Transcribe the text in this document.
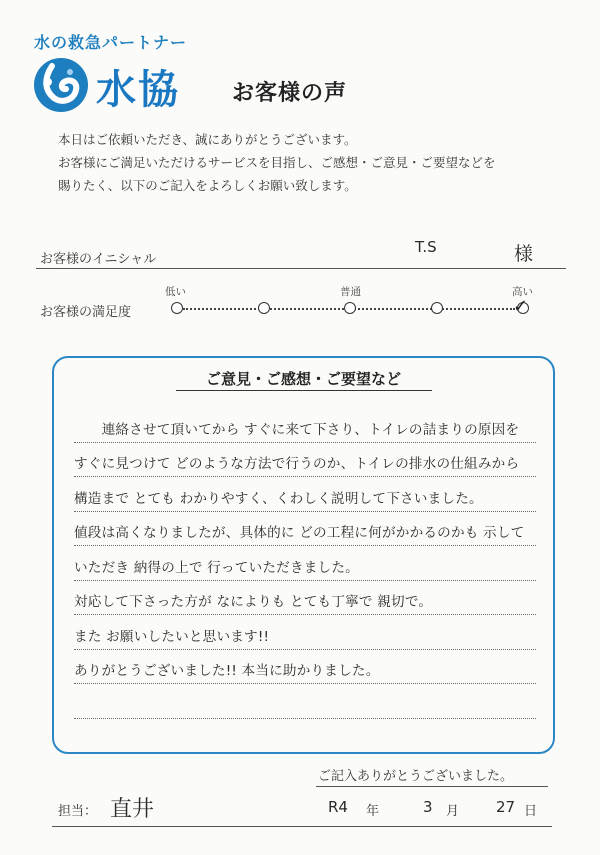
水の救急パートナー
水協 お客様の声
本日はご依頼いただき、誠にありがとうございます。
お客様にご満足いただけるサービスを目指し、ご感想・ご意見・ご要望などを
賜りたく、以下のご記入をよろしくお願い致します。
お客様のイニシャル
T.S	様
お客様の満足度
低い	普通	高い
✓
ご意見・ご感想・ご要望など
　　連絡させて頂いてから すぐに来て下さり、トイレの詰まりの原因を
すぐに見つけて どのような方法で行うのか、トイレの排水の仕組みから
構造まで とても わかりやすく、くわしく説明して下さいました。
値段は高くなりましたが、具体的に どの工程に何がかかるのかも 示して
いただき 納得の上で 行っていただきました。
対応して下さった方が なによりも とても丁寧で 親切で。
また お願いしたいと思います!!
ありがとうございました!! 本当に助かりました。
ご記入ありがとうございました。
担当： 直井	R4 年	3 月 27 日
